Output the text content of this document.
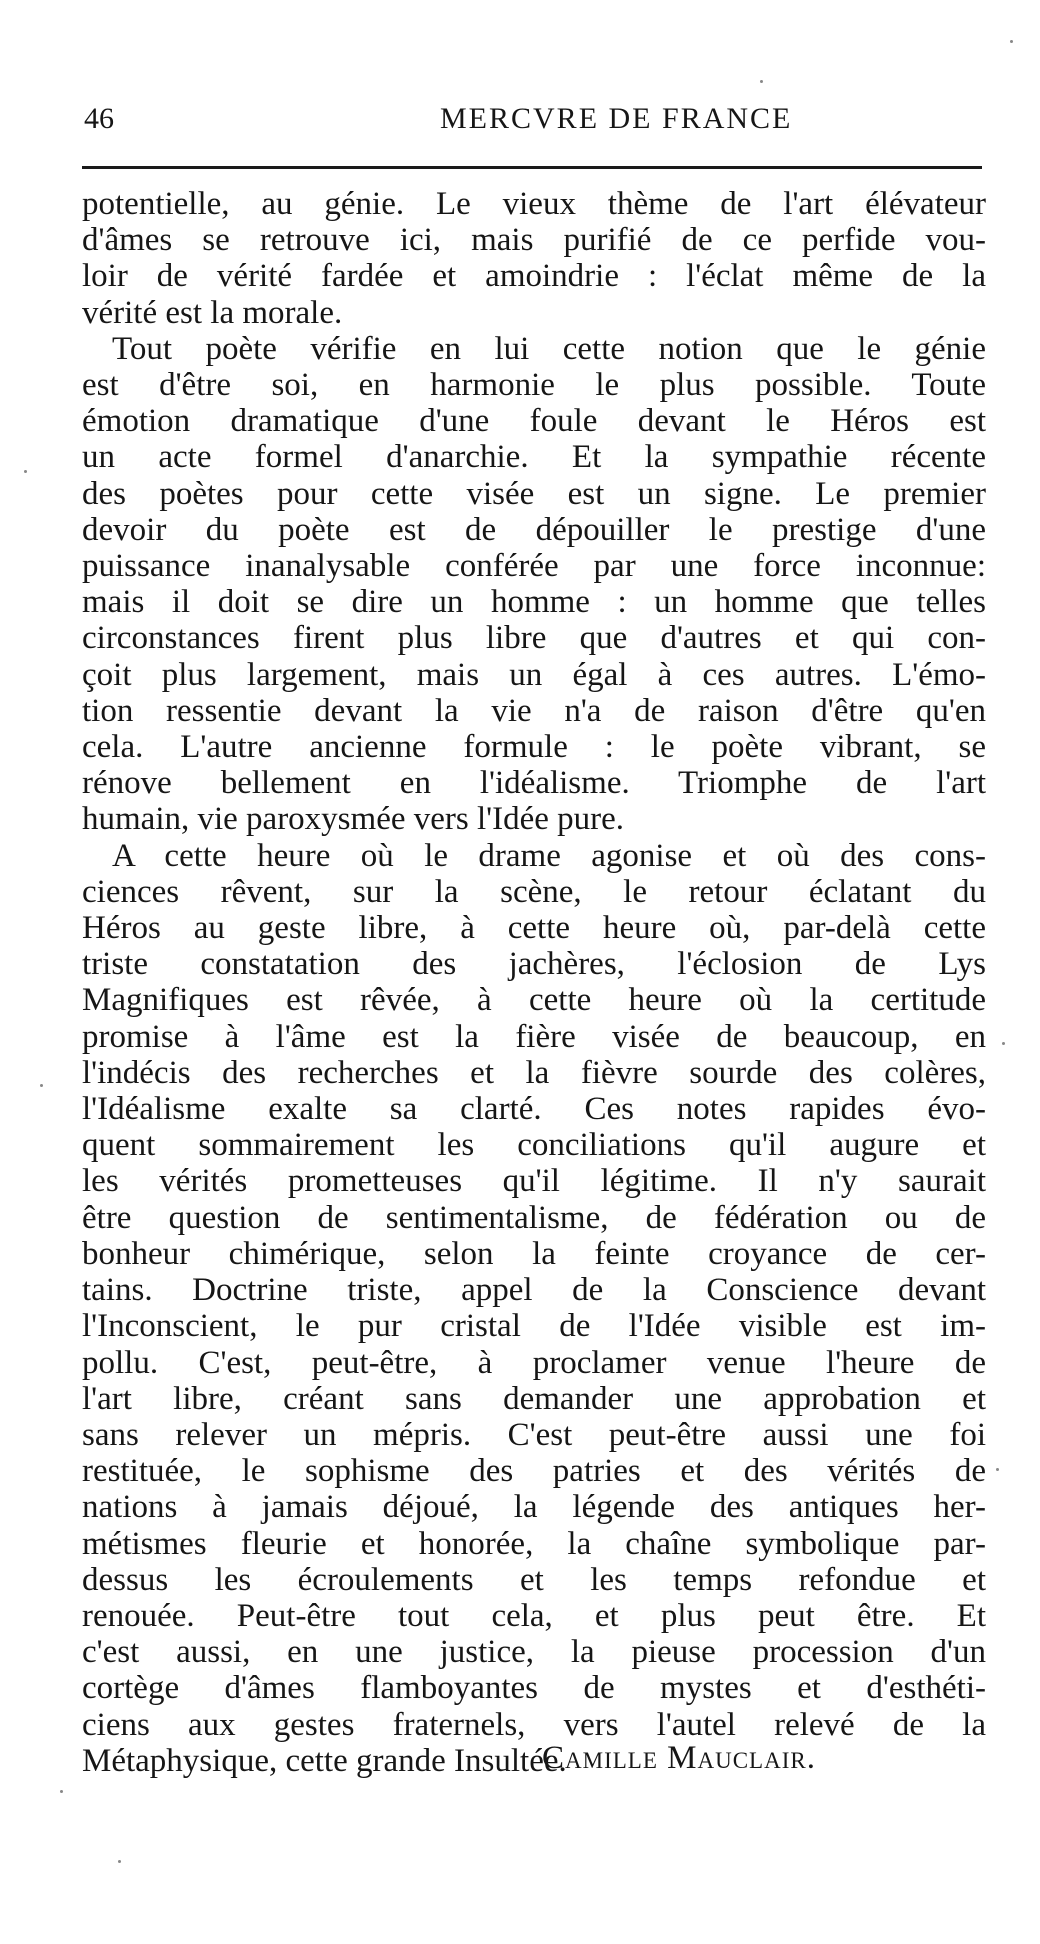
46	MERCVRE DE FRANCE
potentielle, au génie. Le vieux thème de l'art élévateur
d'âmes se retrouve ici, mais purifié de ce perfide vou-
loir de vérité fardée et amoindrie : l'éclat même de la
vérité est la morale.
Tout poète vérifie en lui cette notion que le génie
est d'être soi, en harmonie le plus possible. Toute
émotion dramatique d'une foule devant le Héros est
un acte formel d'anarchie. Et la sympathie récente
des poètes pour cette visée est un signe. Le premier
devoir du poète est de dépouiller le prestige d'une
puissance inanalysable conférée par une force inconnue:
mais il doit se dire un homme : un homme que telles
circonstances firent plus libre que d'autres et qui con-
çoit plus largement, mais un égal à ces autres. L'émo-
tion ressentie devant la vie n'a de raison d'être qu'en
cela. L'autre ancienne formule : le poète vibrant, se
rénove bellement en l'idéalisme. Triomphe de l'art
humain, vie paroxysmée vers l'Idée pure.
A cette heure où le drame agonise et où des cons-
ciences rêvent, sur la scène, le retour éclatant du
Héros au geste libre, à cette heure où, par-delà cette
triste constatation des jachères, l'éclosion de Lys
Magnifiques est rêvée, à cette heure où la certitude
promise à l'âme est la fière visée de beaucoup, en
l'indécis des recherches et la fièvre sourde des colères,
l'Idéalisme exalte sa clarté. Ces notes rapides évo-
quent sommairement les conciliations qu'il augure et
les vérités prometteuses qu'il légitime. Il n'y saurait
être question de sentimentalisme, de fédération ou de
bonheur chimérique, selon la feinte croyance de cer-
tains. Doctrine triste, appel de la Conscience devant
l'Inconscient, le pur cristal de l'Idée visible est im-
pollu. C'est, peut-être, à proclamer venue l'heure de
l'art libre, créant sans demander une approbation et
sans relever un mépris. C'est peut-être aussi une foi
restituée, le sophisme des patries et des vérités de
nations à jamais déjoué, la légende des antiques her-
métismes fleurie et honorée, la chaîne symbolique par-
dessus les écroulements et les temps refondue et
renouée. Peut-être tout cela, et plus peut être. Et
c'est aussi, en une justice, la pieuse procession d'un
cortège d'âmes flamboyantes de mystes et d'esthéti-
ciens aux gestes fraternels, vers l'autel relevé de la
Métaphysique, cette grande Insultée.
Camille Mauclair.
